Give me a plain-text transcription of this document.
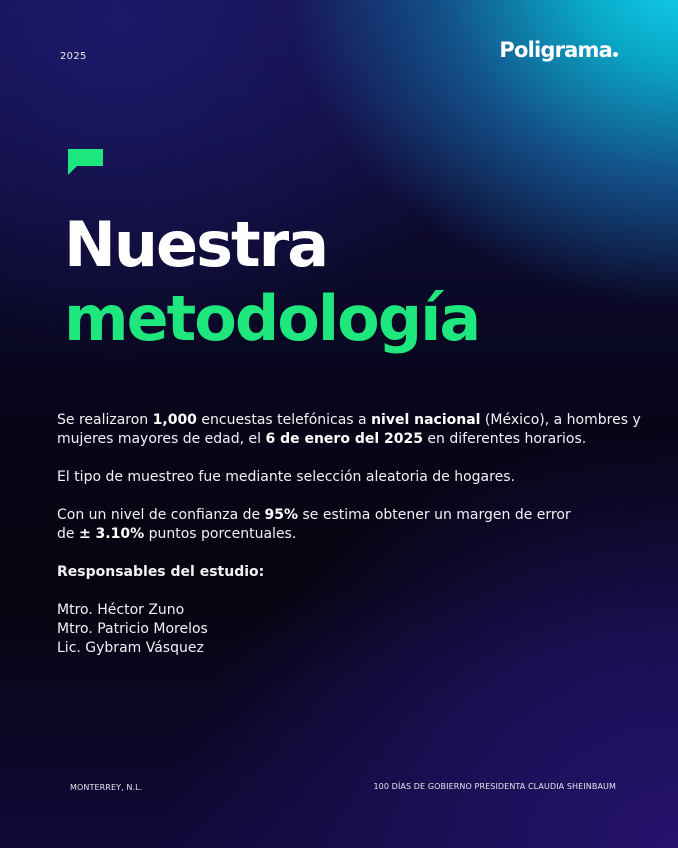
2025	Poligrama
Nuestra
metodología

Se realizaron 1,000 encuestas telefónicas a nivel nacional (México), a hombres y mujeres mayores de edad, el 6 de enero del 2025 en diferentes horarios.

El tipo de muestreo fue mediante selección aleatoria de hogares.

Con un nivel de confianza de 95% se estima obtener un margen de error
de ± 3.10% puntos porcentuales.

Responsables del estudio:
Mtro. Héctor Zuno
Mtro. Patricio Morelos
Lic. Gybram Vásquez
MONTERREY, N.L.	100 DÍAS DE GOBIERNO PRESIDENTA CLAUDIA SHEINBAUM
